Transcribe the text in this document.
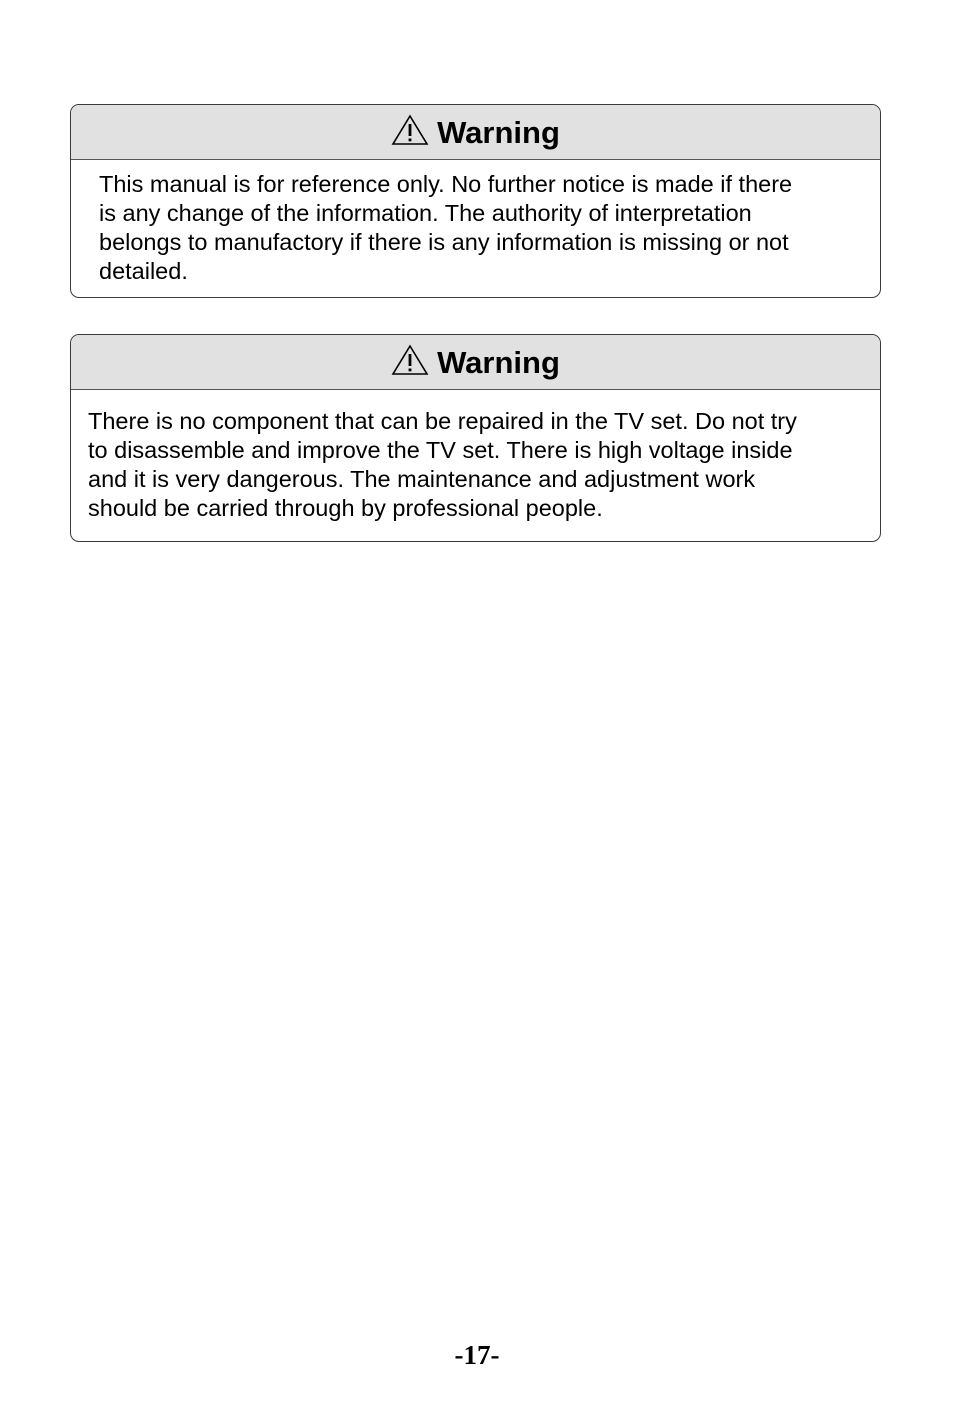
Warning
This manual is for reference only. No further notice is made if there
is any change of the information. The authority of interpretation
belongs to manufactory if there is any information is missing or not
detailed.
Warning
There is no component that can be repaired in the TV set. Do not try
to disassemble and improve the TV set. There is high voltage inside
and it is very dangerous. The maintenance and adjustment work
should be carried through by professional people.
-17-
